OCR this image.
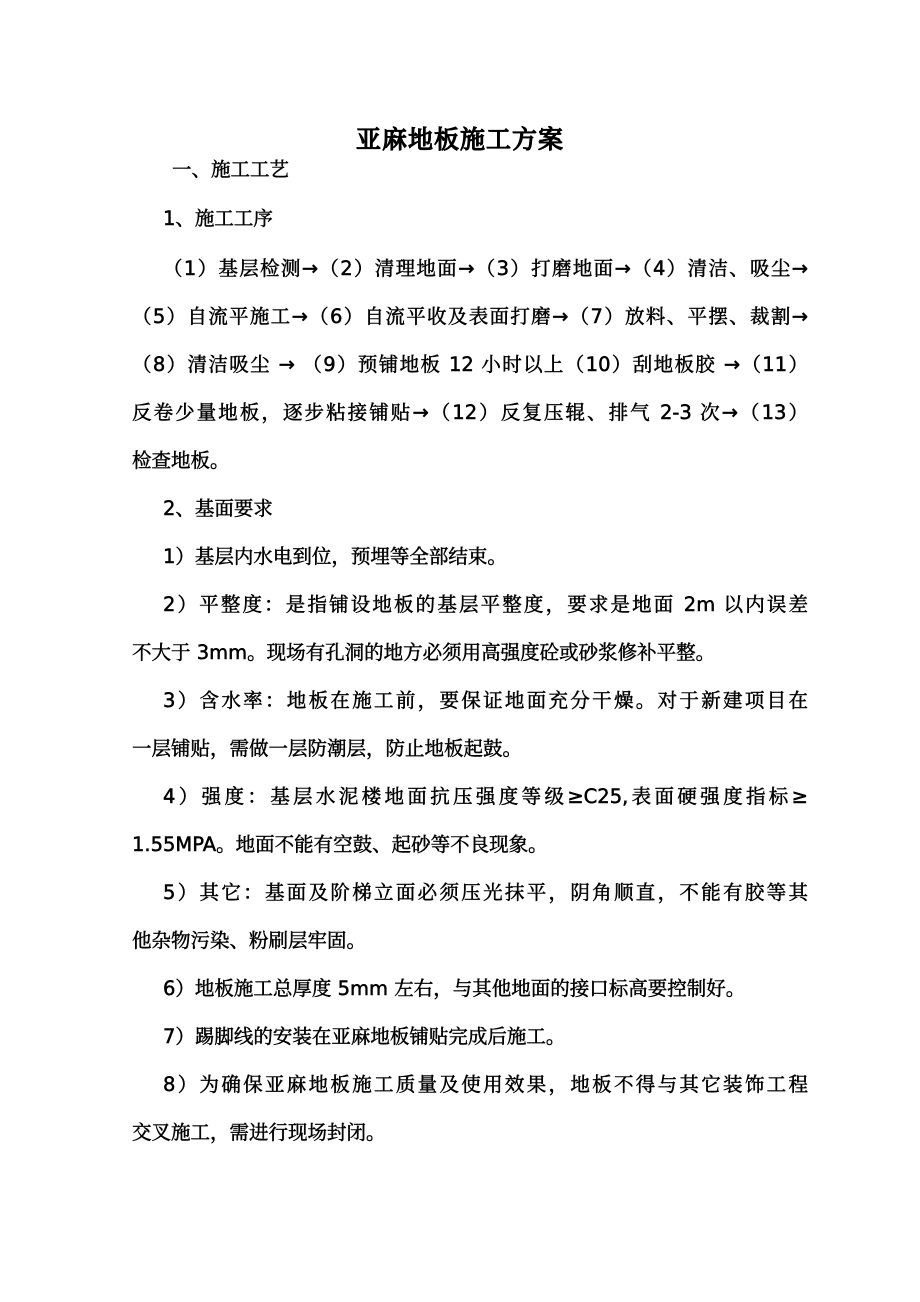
亚麻地板施工方案
一、施工工艺
1、施工工序
（1）基层检测→（2）清理地面→（3）打磨地面→（4）清洁、吸尘→
（5）自流平施工→（6）自流平收及表面打磨→（7）放料、平摆、裁割→
（8）清洁吸尘 → （9）预铺地板 12 小时以上（10）刮地板胶 →（11）
反卷少量地板，逐步粘接铺贴→（12）反复压辊、排气 2-3 次→（13）
检查地板。
2、基面要求
1）基层内水电到位，预埋等全部结束。
2）平整度：是指铺设地板的基层平整度，要求是地面 2m 以内误差
不大于 3mm。现场有孔洞的地方必须用高强度砼或砂浆修补平整。
3）含水率：地板在施工前，要保证地面充分干燥。对于新建项目在
一层铺贴，需做一层防潮层，防止地板起鼓。
4）强度：基层水泥楼地面抗压强度等级≥C25,表面硬强度指标≥
1.55MPA。地面不能有空鼓、起砂等不良现象。
5）其它：基面及阶梯立面必须压光抹平，阴角顺直，不能有胶等其
他杂物污染、粉刷层牢固。
6）地板施工总厚度 5mm 左右，与其他地面的接口标高要控制好。
7）踢脚线的安装在亚麻地板铺贴完成后施工。
8）为确保亚麻地板施工质量及使用效果，地板不得与其它装饰工程
交叉施工，需进行现场封闭。
